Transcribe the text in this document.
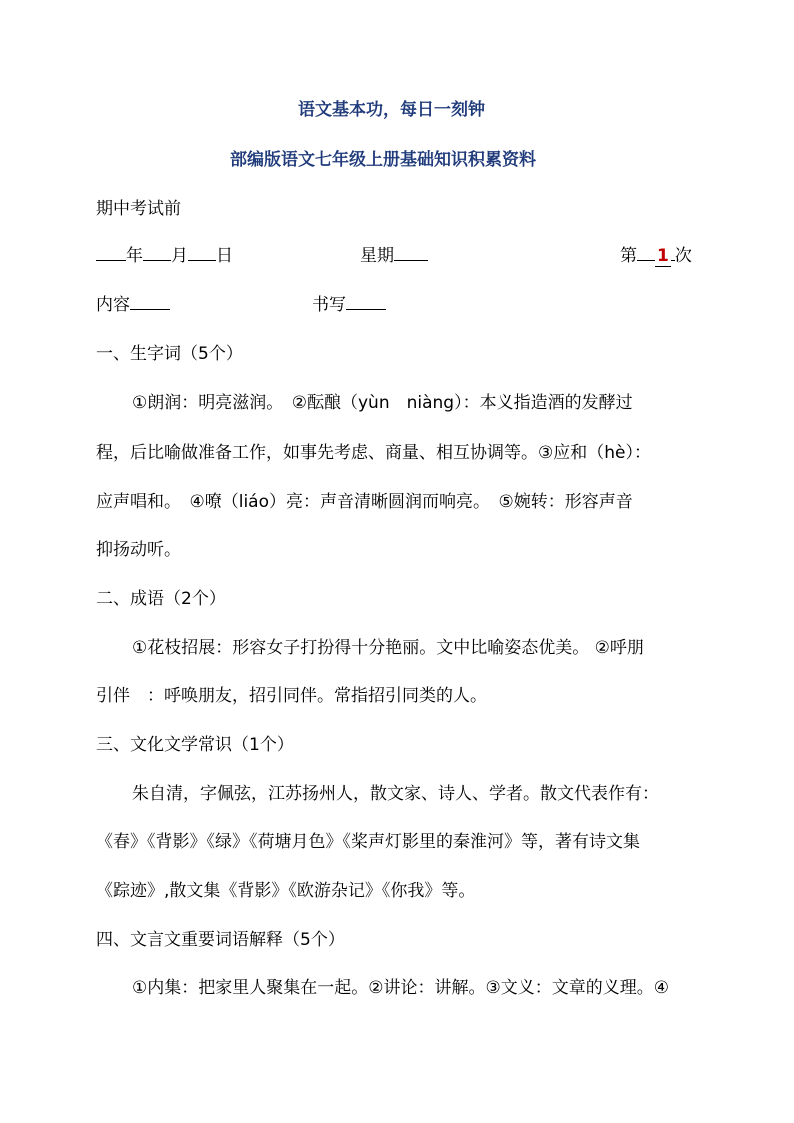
语文基本功，每日一刻钟
部编版语文七年级上册基础知识积累资料
期中考试前
年 月 日	星期	第 1 次
内容	书写
一、生字词（5个）
①朗润：明亮滋润。　②酝酿（yùn　niàng）：本义指造酒的发酵过
程，后比喻做准备工作，如事先考虑、商量、相互协调等。③应和（hè）：
应声唱和。　④嘹（liáo）亮：声音清晰圆润而响亮。　⑤婉转：形容声音
抑扬动听。
二、成语（2个）
①花枝招展：形容女子打扮得十分艳丽。文中比喻姿态优美。 ②呼朋
引伴　：呼唤朋友，招引同伴。常指招引同类的人。
三、文化文学常识（1个）
朱自清，字佩弦，江苏扬州人，散文家、诗人、学者。散文代表作有：
《春》《背影》《绿》《荷塘月色》《桨声灯影里的秦淮河》等，著有诗文集
《踪迹》,散文集《背影》《欧游杂记》《你我》等。
四、文言文重要词语解释（5个）
①内集：把家里人聚集在一起。②讲论：讲解。③文义：文章的义理。④
